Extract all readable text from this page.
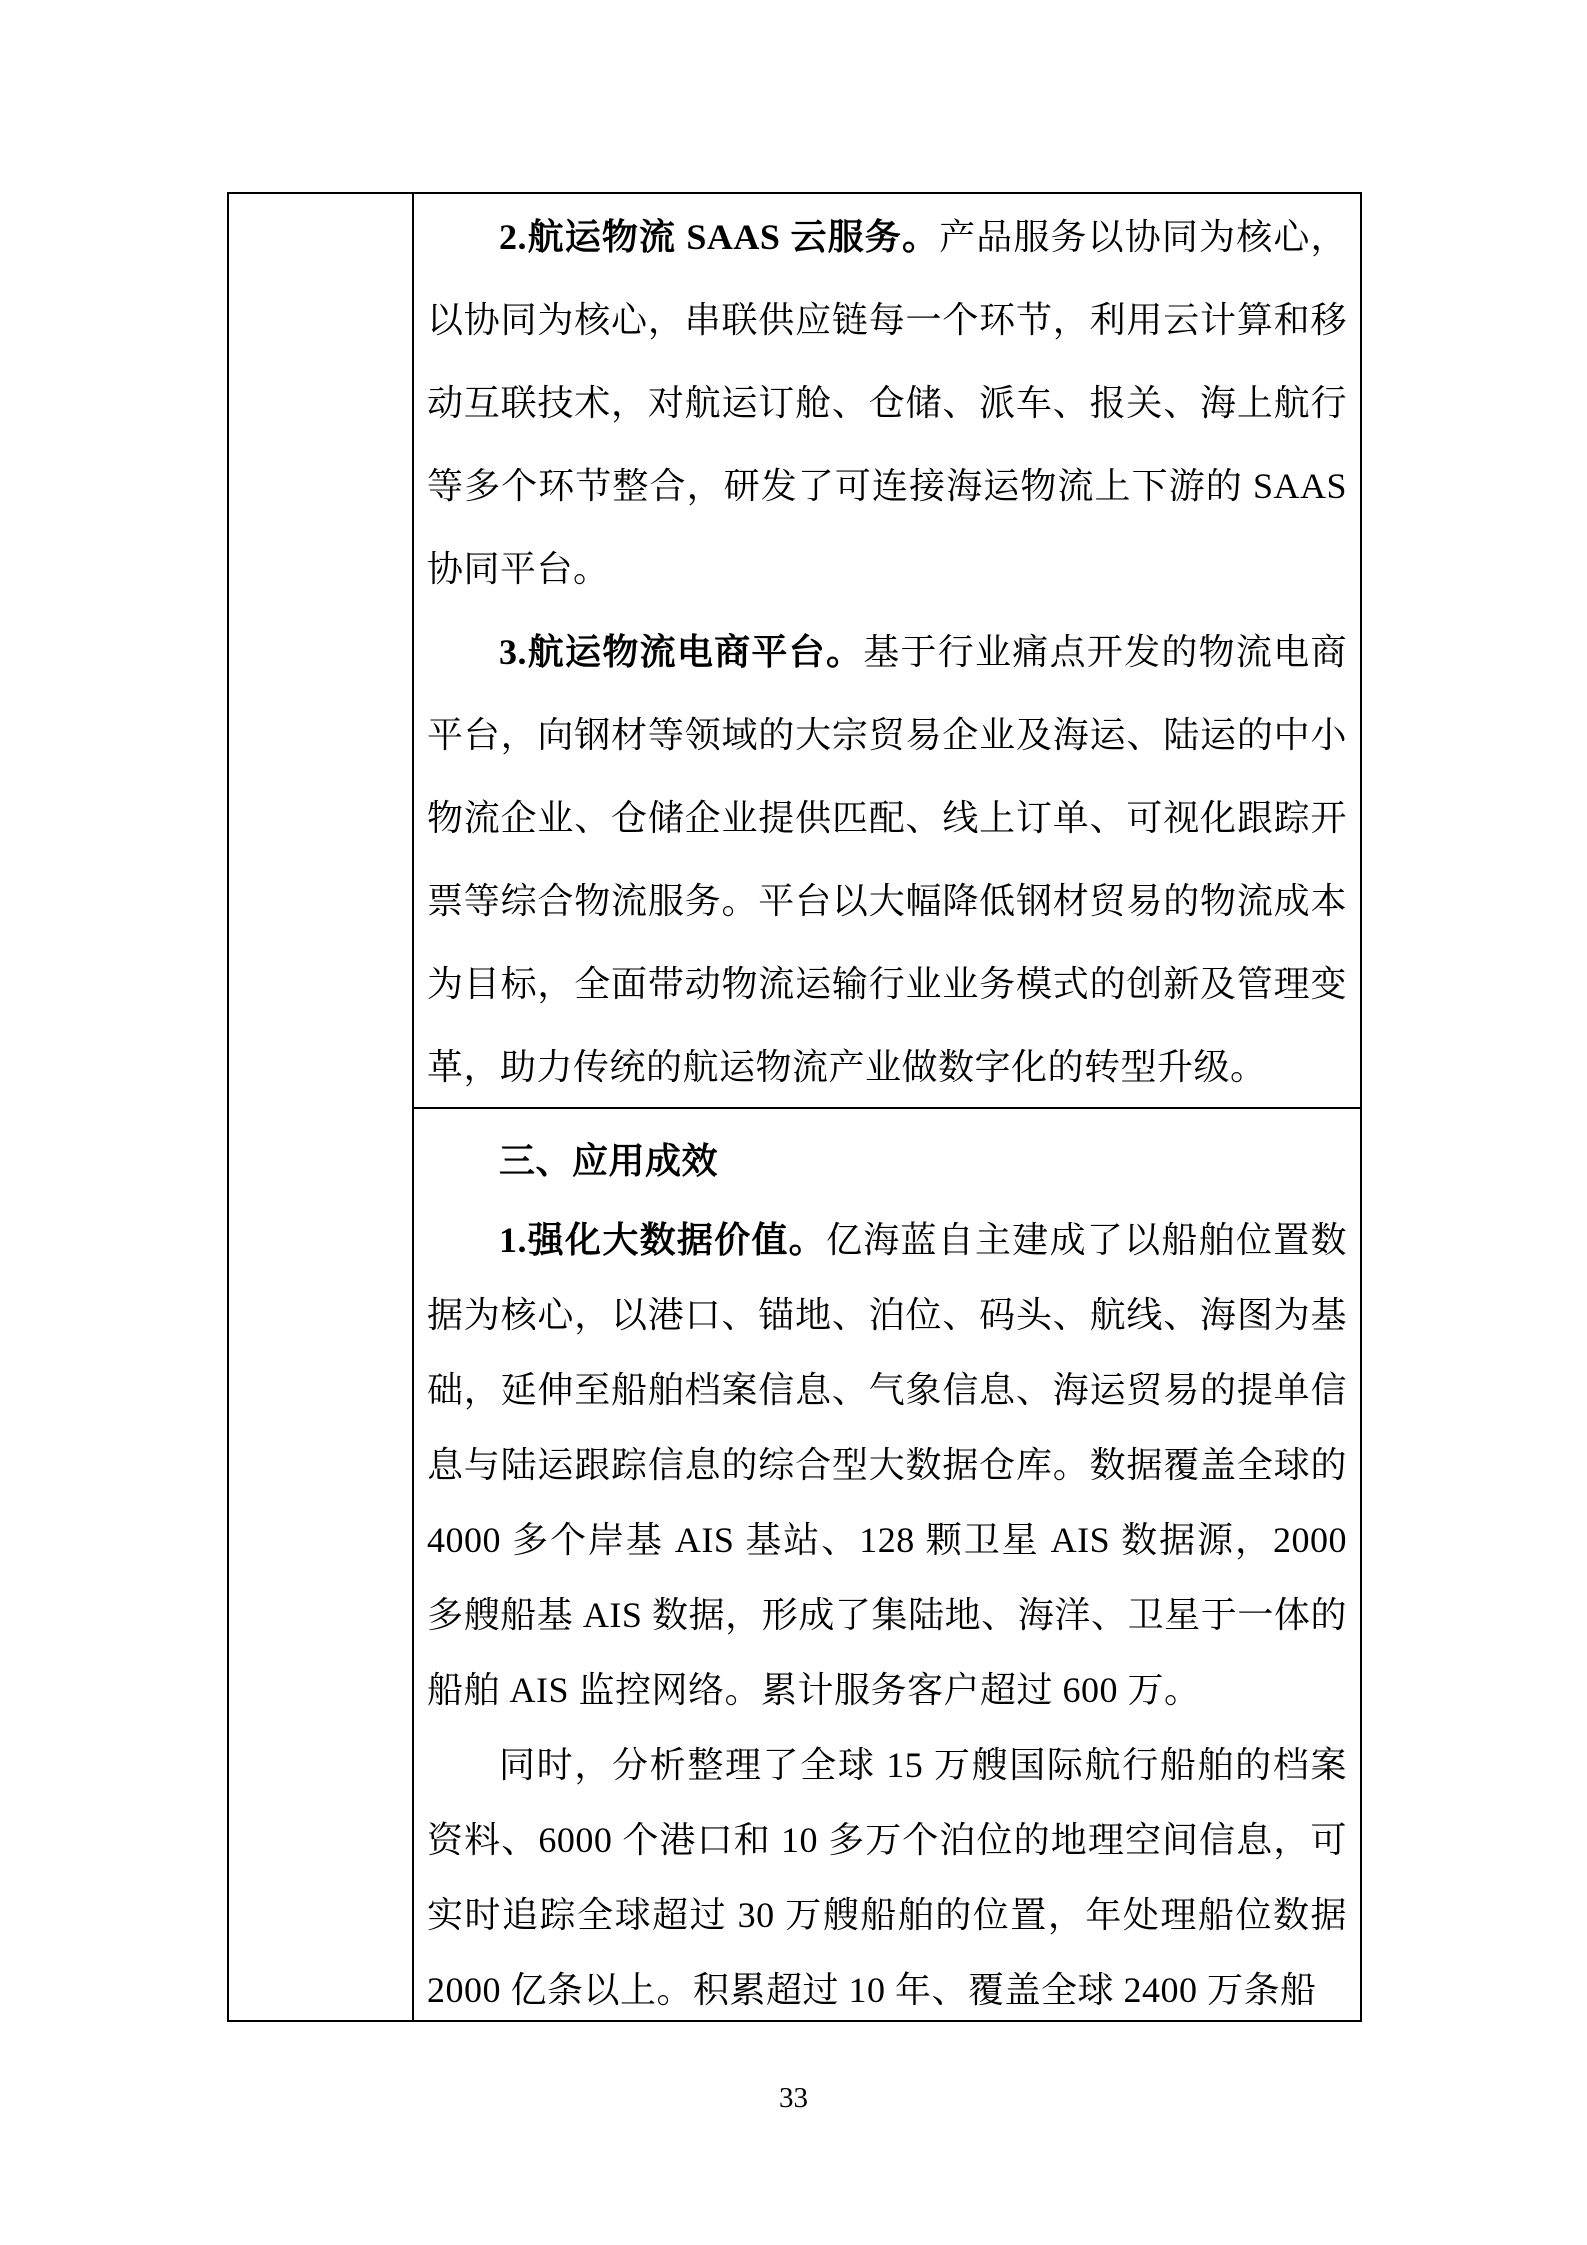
2.航运物流 SAAS 云服务。产品服务以协同为核心，以协同为核心，串联供应链每一个环节，利用云计算和移动互联技术，对航运订舱、仓储、派车、报关、海上航行等多个环节整合，研发了可连接海运物流上下游的 SAAS 协同平台。

3.航运物流电商平台。基于行业痛点开发的物流电商平台，向钢材等领域的大宗贸易企业及海运、陆运的中小物流企业、仓储企业提供匹配、线上订单、可视化跟踪开票等综合物流服务。平台以大幅降低钢材贸易的物流成本为目标，全面带动物流运输行业业务模式的创新及管理变革，助力传统的航运物流产业做数字化的转型升级。

三、应用成效

1.强化大数据价值。亿海蓝自主建成了以船舶位置数据为核心，以港口、锚地、泊位、码头、航线、海图为基础，延伸至船舶档案信息、气象信息、海运贸易的提单信息与陆运跟踪信息的综合型大数据仓库。数据覆盖全球的 4000 多个岸基 AIS 基站、128 颗卫星 AIS 数据源，2000 多艘船基 AIS 数据，形成了集陆地、海洋、卫星于一体的船舶 AIS 监控网络。累计服务客户超过 600 万。

同时，分析整理了全球 15 万艘国际航行船舶的档案资料、6000 个港口和 10 多万个泊位的地理空间信息，可实时追踪全球超过 30 万艘船舶的位置，年处理船位数据 2000 亿条以上。积累超过 10 年、覆盖全球 2400 万条船

33
